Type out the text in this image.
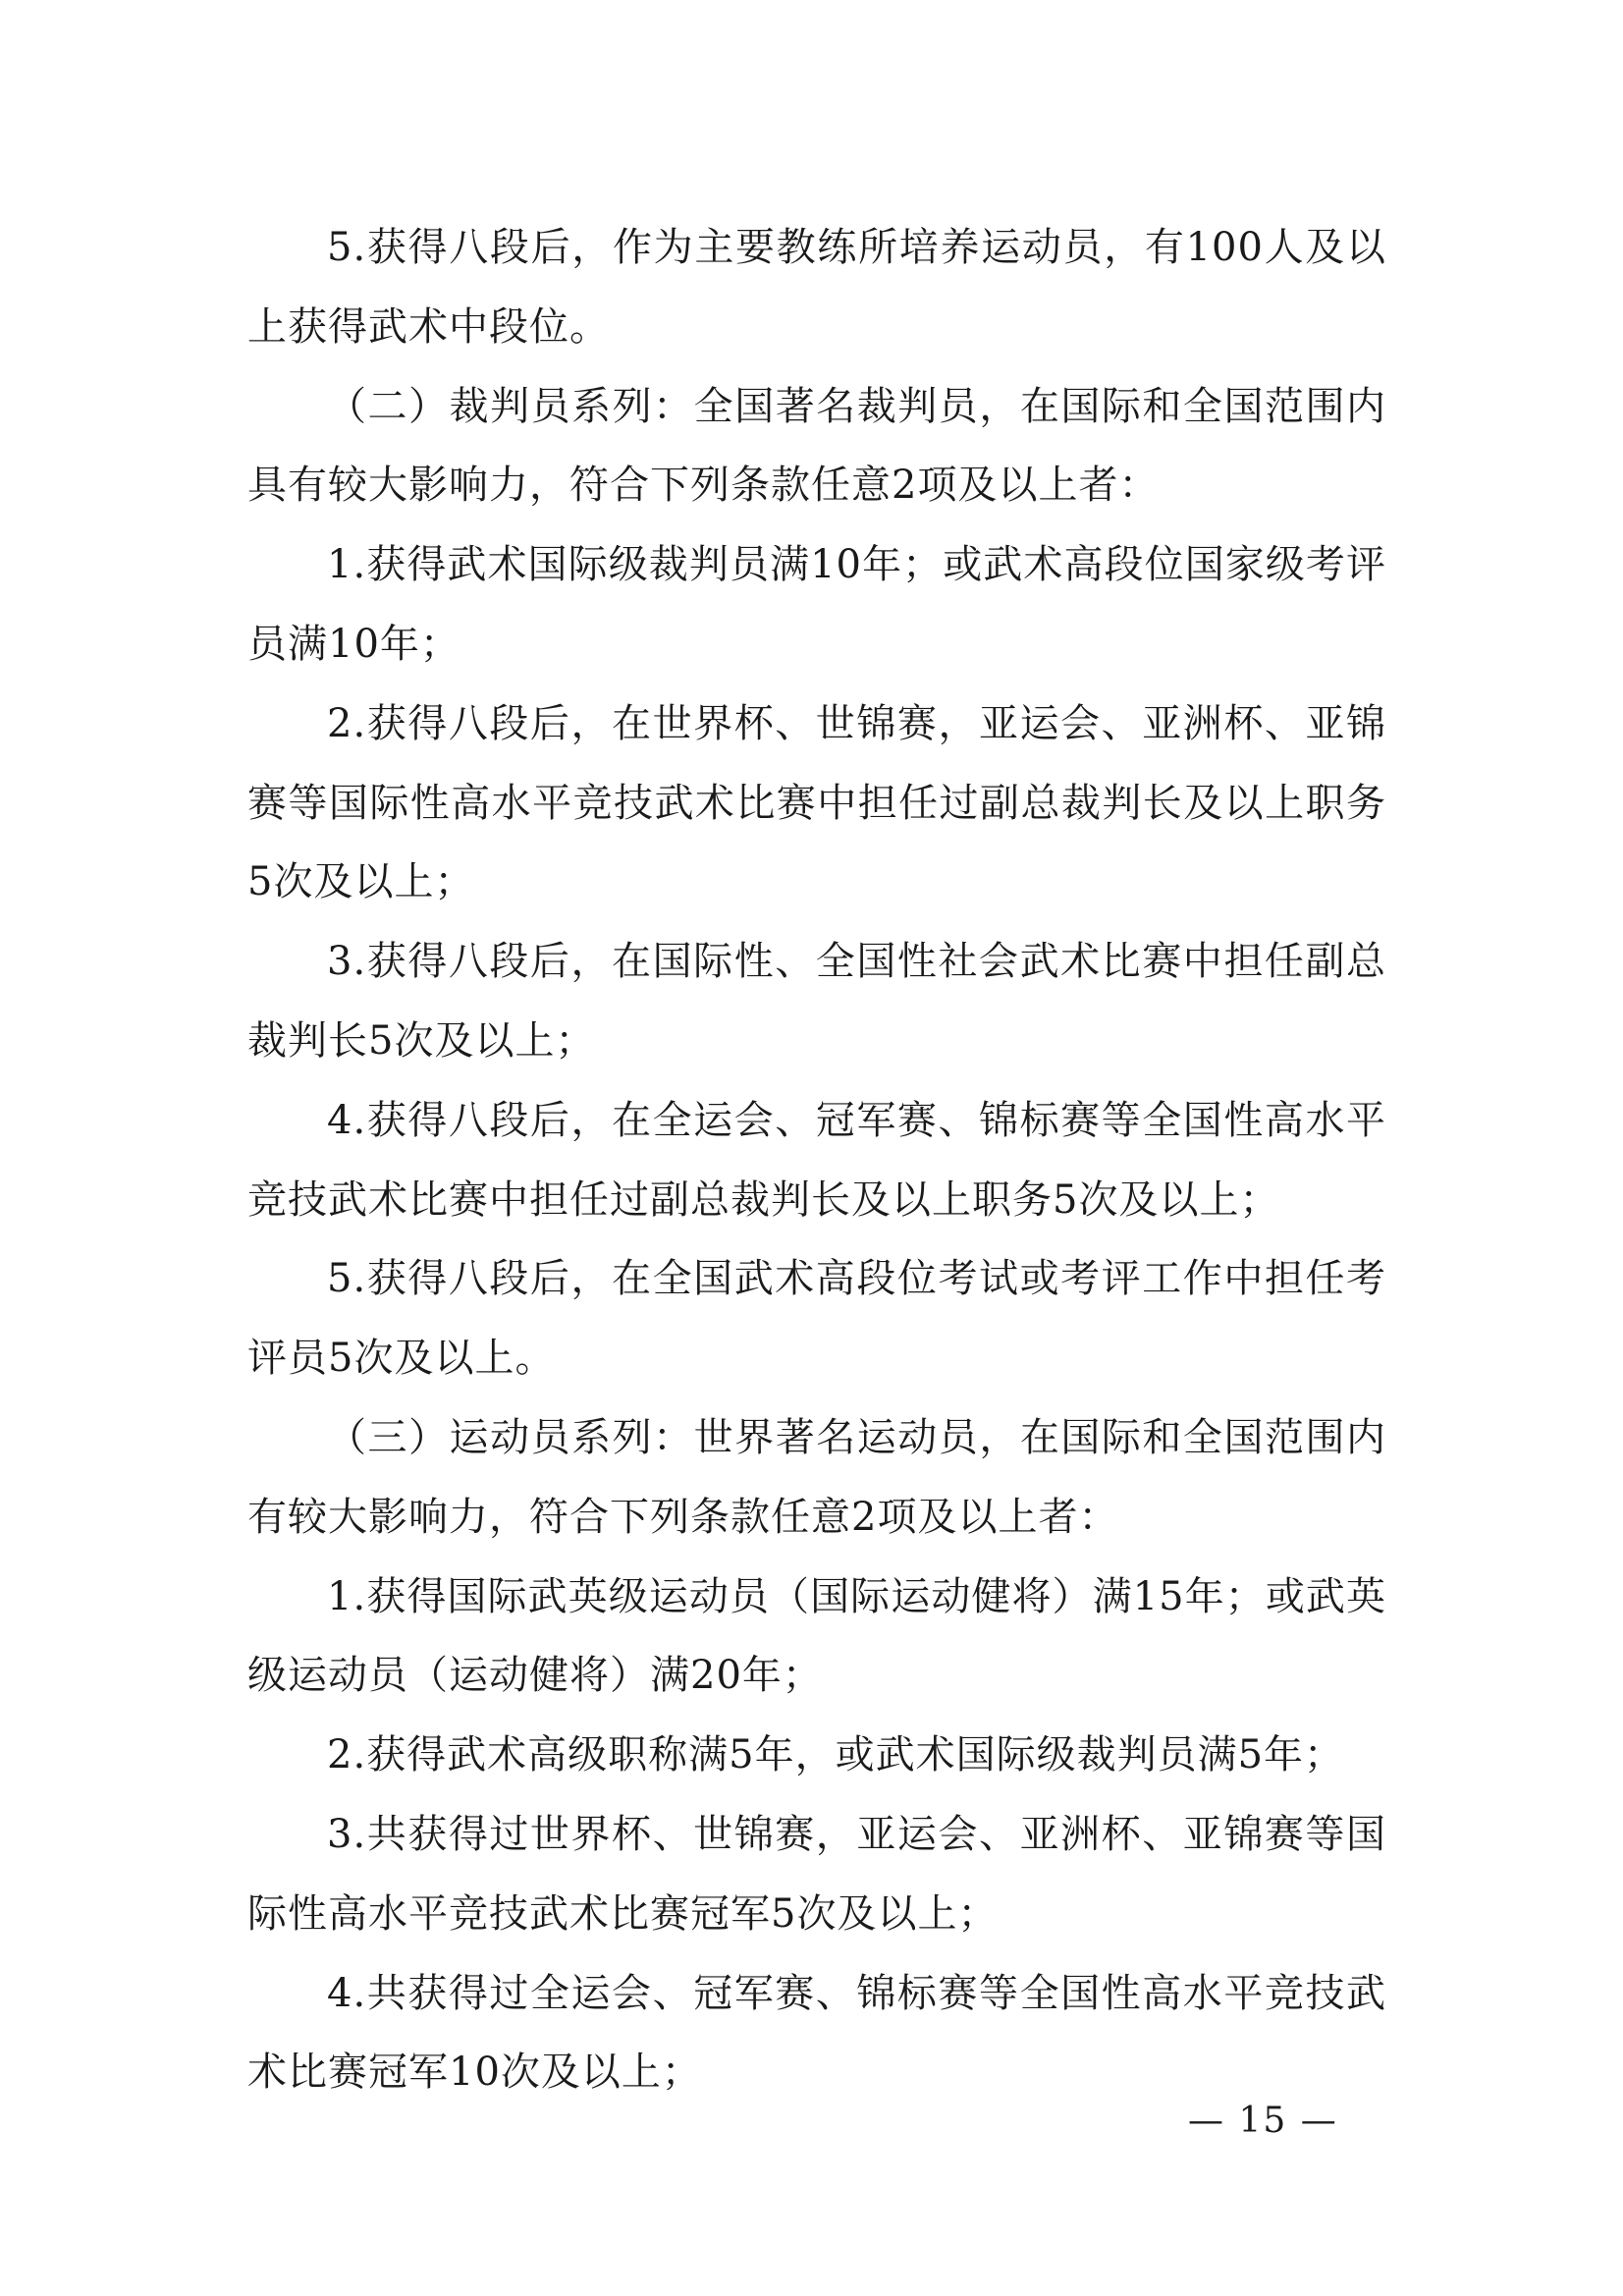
5.获得八段后，作为主要教练所培养运动员，有100人及以上获得武术中段位。

（二）裁判员系列：全国著名裁判员，在国际和全国范围内具有较大影响力，符合下列条款任意2项及以上者：

1.获得武术国际级裁判员满10年；或武术高段位国家级考评员满10年；

2.获得八段后，在世界杯、世锦赛，亚运会、亚洲杯、亚锦赛等国际性高水平竞技武术比赛中担任过副总裁判长及以上职务5次及以上；

3.获得八段后，在国际性、全国性社会武术比赛中担任副总裁判长5次及以上；

4.获得八段后，在全运会、冠军赛、锦标赛等全国性高水平竞技武术比赛中担任过副总裁判长及以上职务5次及以上；

5.获得八段后，在全国武术高段位考试或考评工作中担任考评员5次及以上。

（三）运动员系列：世界著名运动员，在国际和全国范围内有较大影响力，符合下列条款任意2项及以上者：

1.获得国际武英级运动员（国际运动健将）满15年；或武英级运动员（运动健将）满20年；

2.获得武术高级职称满5年，或武术国际级裁判员满5年；

3.共获得过世界杯、世锦赛，亚运会、亚洲杯、亚锦赛等国际性高水平竞技武术比赛冠军5次及以上；

4.共获得过全运会、冠军赛、锦标赛等全国性高水平竞技武术比赛冠军10次及以上；

— 15 —
